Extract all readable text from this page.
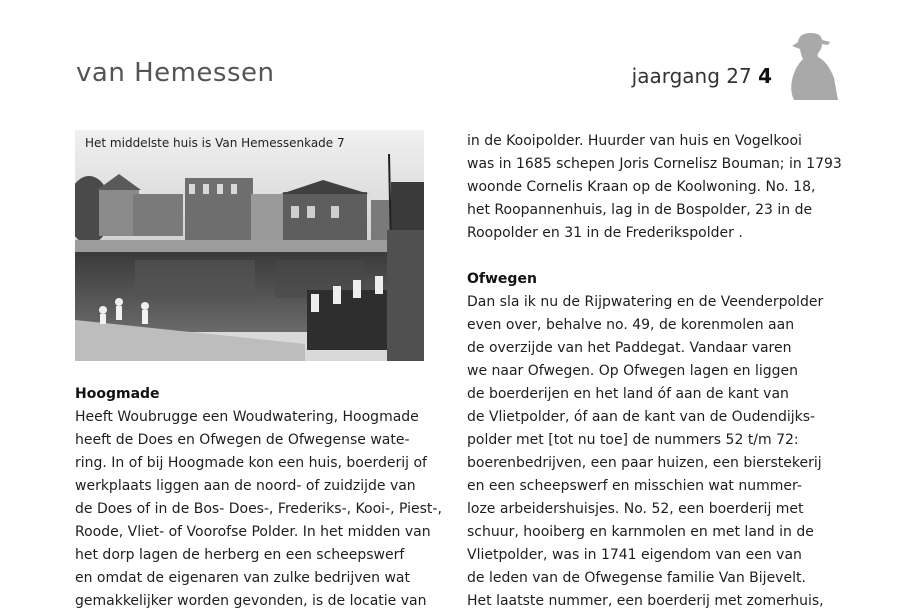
van Hemessen	jaargang 27 4
Het middelste huis is Van Hemessenkade 7
Hoogmade

Heeft Woubrugge een Woudwatering, Hoogmade

heeft de Does en Ofwegen de Ofwegense wate-

ring. In of bij Hoogmade kon een huis, boerderij of

werkplaats liggen aan de noord- of zuidzijde van

de Does of in de Bos- Does-, Frederiks-, Kooi-, Piest-,

Roode, Vliet- of Voorofse Polder. In het midden van

het dorp lagen de herberg en een scheepswerf

en omdat de eigenaren van zulke bedrijven wat

gemakkelijker worden gevonden, is de locatie van

in de Kooipolder. Huurder van huis en Vogelkooi

was in 1685 schepen Joris Cornelisz Bouman; in 1793

woonde Cornelis Kraan op de Koolwoning. No. 18,

het Roopannenhuis, lag in de Bospolder, 23 in de

Roopolder en 31 in de Frederikspolder .

Ofwegen

Dan sla ik nu de Rijpwatering en de Veenderpolder

even over, behalve no. 49, de korenmolen aan

de overzijde van het Paddegat. Vandaar varen

we naar Ofwegen. Op Ofwegen lagen en liggen

de boerderijen en het land óf aan de kant van

de Vlietpolder, óf aan de kant van de Oudendijks-

polder met [tot nu toe] de nummers 52 t/m 72:

boerenbedrijven, een paar huizen, een bierstekerij

en een scheepswerf en misschien wat nummer-

loze arbeidershuisjes. No. 52, een boerderij met

schuur, hooiberg en karnmolen en met land in de

Vlietpolder, was in 1741 eigendom van een van

de leden van de Ofwegense familie Van Bijevelt.

Het laatste nummer, een boerderij met zomerhuis,
